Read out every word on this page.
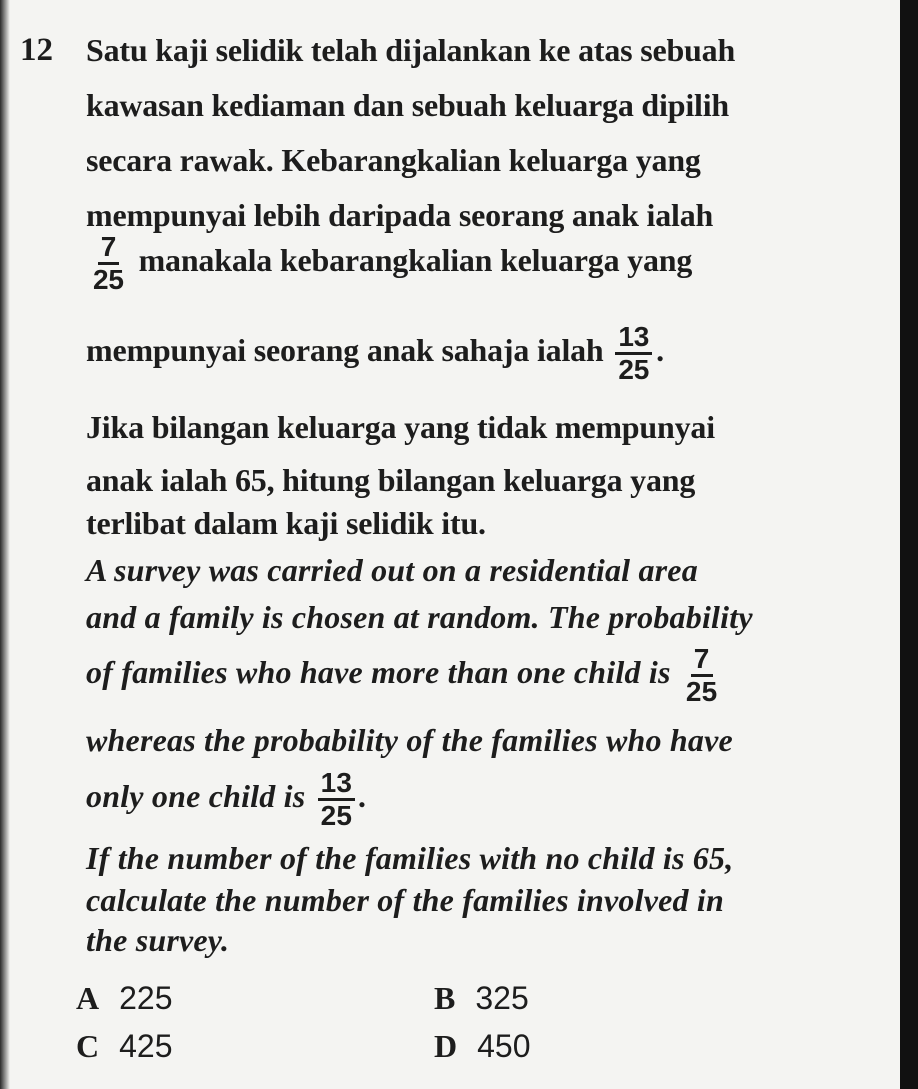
12 Satu kaji selidik telah dijalankan ke atas sebuah
kawasan kediaman dan sebuah keluarga dipilih
secara rawak. Kebarangkalian keluarga yang
mempunyai lebih daripada seorang anak ialah
$\frac{7}{25}$ manakala kebarangkalian keluarga yang
mempunyai seorang anak sahaja ialah $\frac{13}{25}$ .
Jika bilangan keluarga yang tidak mempunyai
anak ialah 65, hitung bilangan keluarga yang
terlibat dalam kaji selidik itu.
A survey was carried out on a residential area
and a family is chosen at random. The probability
of families who have more than one child is $\frac{7}{25}$
whereas the probability of the families who have
only one child is $\frac{13}{25}$ .
If the number of the families with no child is 65,
calculate the number of the families involved in
the survey.
A 225	B 325
C 425	D 450
